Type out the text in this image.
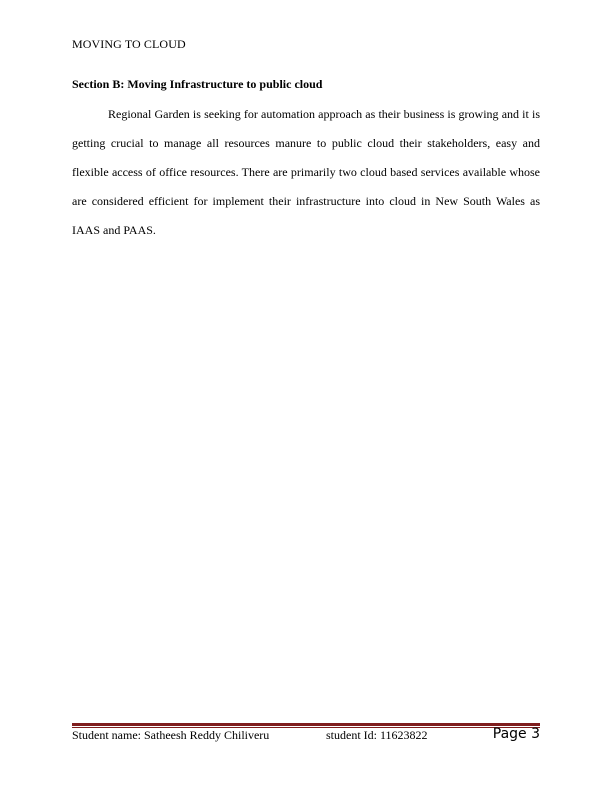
MOVING TO CLOUD
Section B: Moving Infrastructure to public cloud

Regional Garden is seeking for automation approach as their business is growing and it is getting crucial to manage all resources manure to public cloud their stakeholders, easy and flexible access of office resources. There are primarily two cloud based services available whose are considered efficient for implement their infrastructure into cloud in New South Wales as IAAS and PAAS.

Student name: Satheesh Reddy Chiliveru	student Id: 11623822	Page 3
